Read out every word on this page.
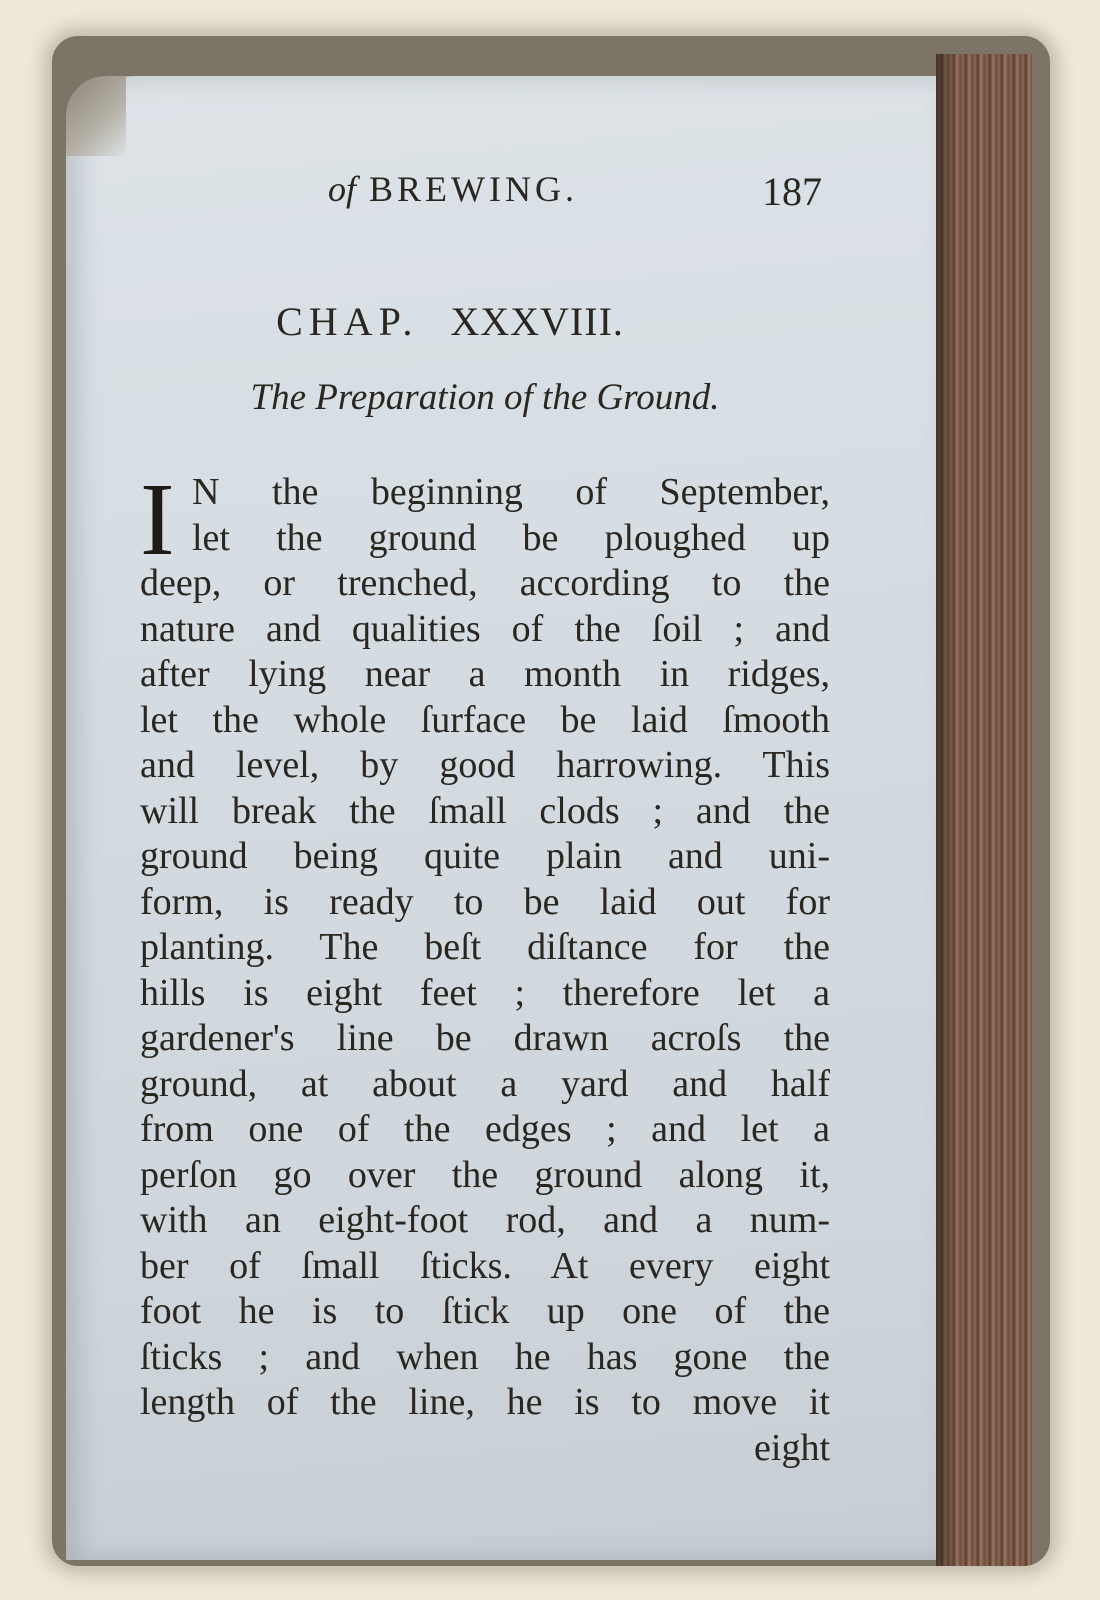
of BREWING.	187
CHAP. XXXVIII.
The Preparation of the Ground.
I N the beginning of September,
let the ground be ploughed up
deep, or trenched, according to the
nature and qualities of the ſoil ; and
after lying near a month in ridges,
let the whole ſurface be laid ſmooth
and level, by good harrowing. This
will break the ſmall clods ; and the
ground being quite plain and uni-
form, is ready to be laid out for
planting. The beſt diſtance for the
hills is eight feet ; therefore let a
gardener's line be drawn acroſs the
ground, at about a yard and half
from one of the edges ; and let a
perſon go over the ground along it,
with an eight-foot rod, and a num-
ber of ſmall ſticks. At every eight
foot he is to ſtick up one of the
ſticks ; and when he has gone the
length of the line, he is to move it
eight
